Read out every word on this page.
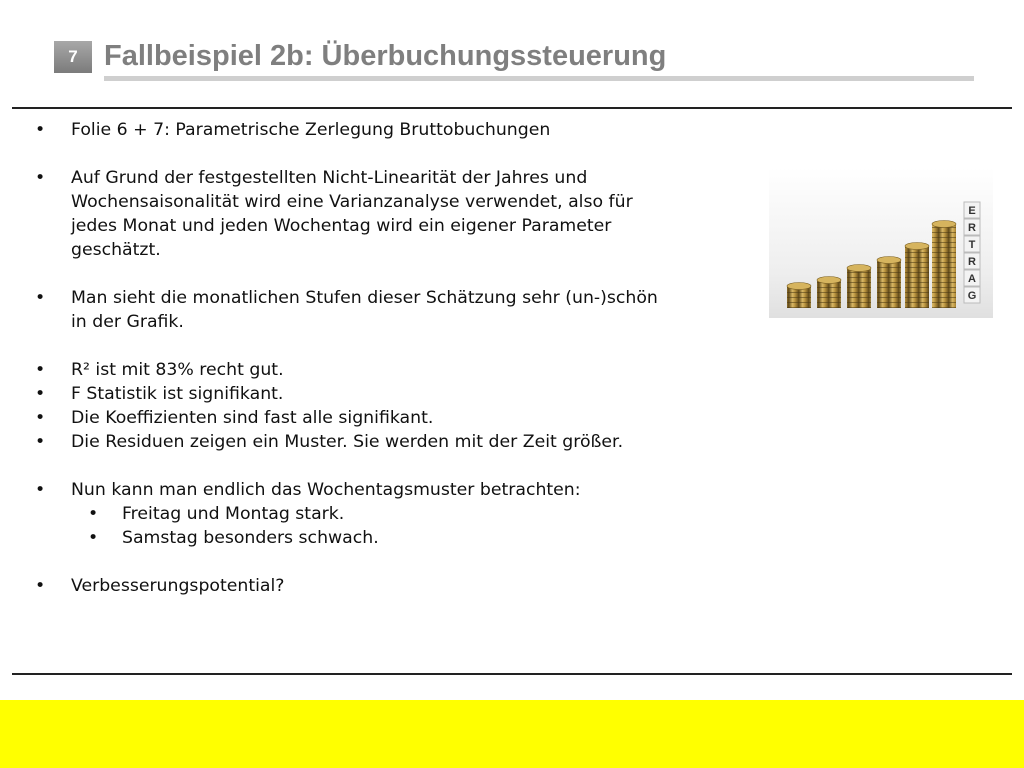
7 Fallbeispiel 2b: Überbuchungssteuerung
• Folie 6 + 7: Parametrische Zerlegung Bruttobuchungen
• Auf Grund der festgestellten Nicht-Linearität der Jahres und
Wochensaisonalität wird eine Varianzanalyse verwendet, also für
jedes Monat und jeden Wochentag wird ein eigener Parameter
geschätzt.
• Man sieht die monatlichen Stufen dieser Schätzung sehr (un-)schön
in der Grafik.
• R² ist mit 83% recht gut.
• F Statistik ist signifikant.
• Die Koeffizienten sind fast alle signifikant.
• Die Residuen zeigen ein Muster. Sie werden mit der Zeit größer.
• Nun kann man endlich das Wochentagsmuster betrachten:
• Freitag und Montag stark.
• Samstag besonders schwach.
• Verbesserungspotential?
E
R
T
R
A
G
